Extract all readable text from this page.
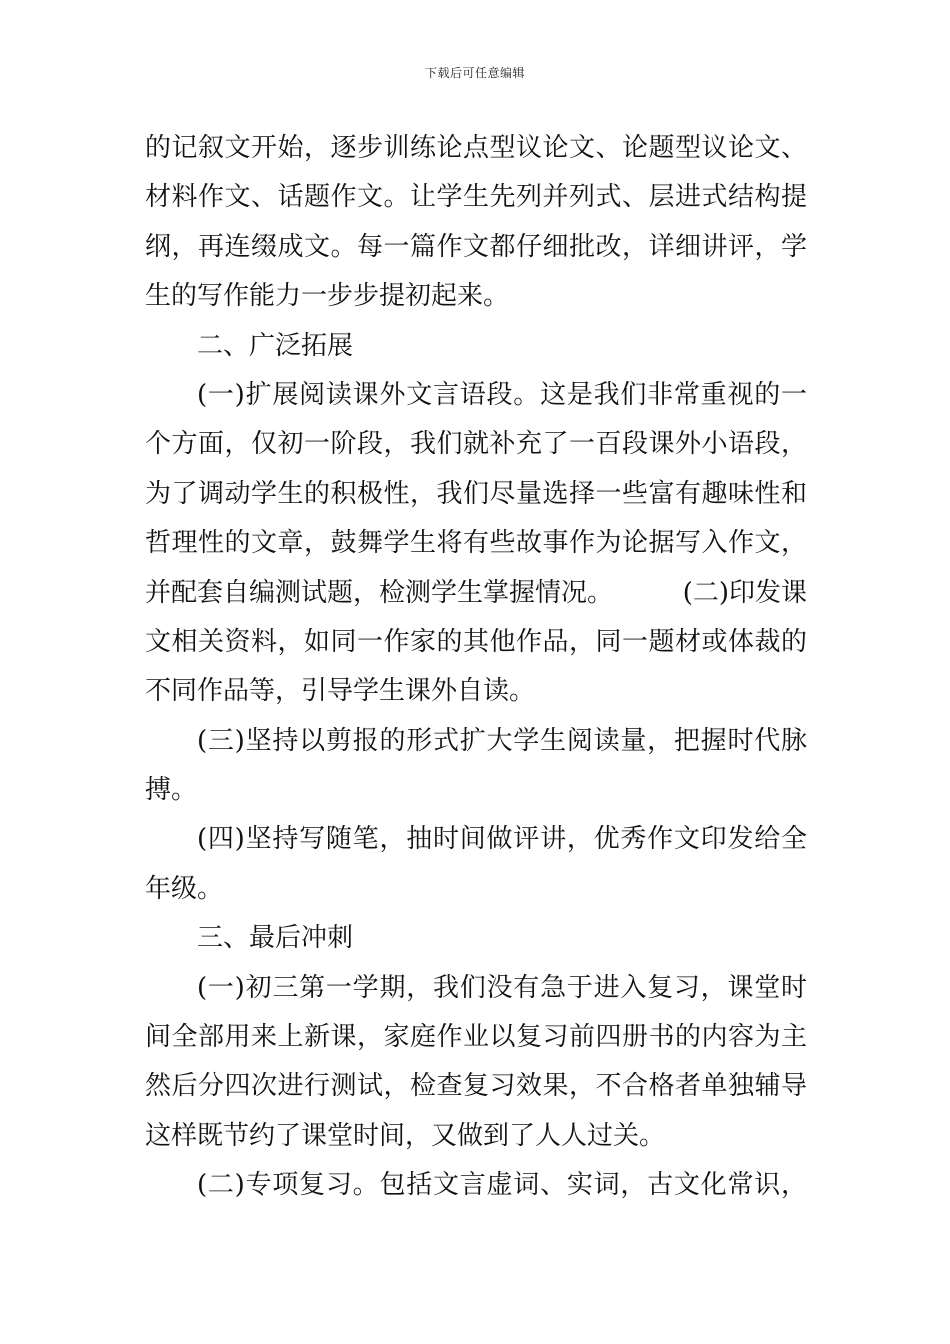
下载后可任意编辑
的记叙文开始，逐步训练论点型议论文、论题型议论文、
材料作文、话题作文。让学生先列并列式、层进式结构提
纲，再连缀成文。每一篇作文都仔细批改，详细讲评，学
生的写作能力一步步提初起来。
二、广泛拓展
(一)扩展阅读课外文言语段。这是我们非常重视的一
个方面，仅初一阶段，我们就补充了一百段课外小语段，
为了调动学生的积极性，我们尽量选择一些富有趣味性和
哲理性的文章，鼓舞学生将有些故事作为论据写入作文，
并配套自编测试题，检测学生掌握情况。	(二)印发课
文相关资料，如同一作家的其他作品，同一题材或体裁的
不同作品等，引导学生课外自读。
(三)坚持以剪报的形式扩大学生阅读量，把握时代脉
搏。
(四)坚持写随笔，抽时间做评讲，优秀作文印发给全
年级。
三、最后冲刺
(一)初三第一学期，我们没有急于进入复习，课堂时
间全部用来上新课，家庭作业以复习前四册书的内容为主
然后分四次进行测试，检查复习效果，不合格者单独辅导
这样既节约了课堂时间，又做到了人人过关。
(二)专项复习。包括文言虚词、实词，古文化常识，
